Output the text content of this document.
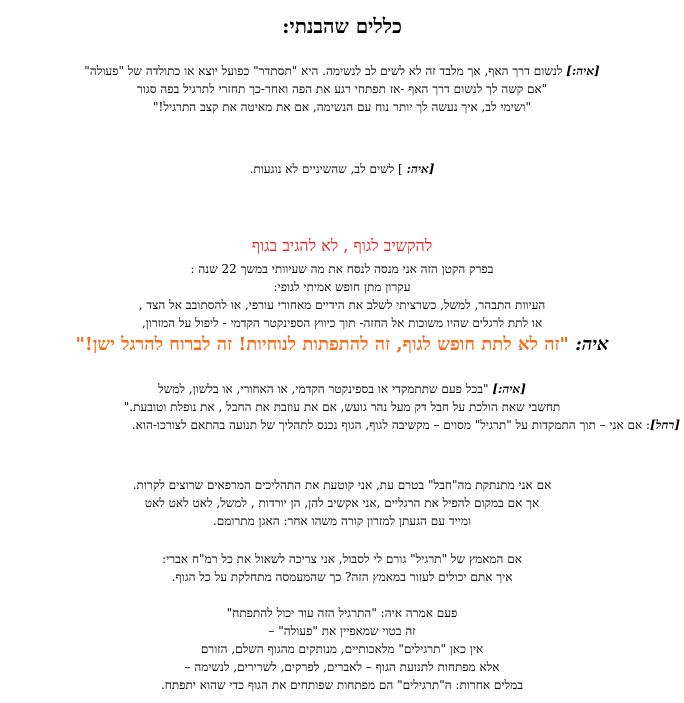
כללים שהבנתי:
[איה:] לנשום דרך האף, אך מלבד זה לא לשים לב לנשימה. היא "תסתדר" כפועל יוצא או כתולדה של "פעולה"
"אם קשה לך לנשום דרך האף -אז תפתחי רגע את הפה ואחר-כך תחזרי לתרגיל בפה סגור
"ושימי לב, איך נעשה לך יותר נוח עם הנשימה, אם את מאיטה את קצב התרגיל!"
[איה: ] לשים לב, שהשיניים לא נוגעות.
להקשיב לגוף , לא להגיב בגוף
בפרק הקטן הזה אני מנסה לנסח את מה שעיוותי במשך 22 שנה :
עקרון מתן חופש אמיתי לגופי:
העיוות התבהר, למשל, כשרציתי לשלב את הידיים מאחורי עורפי, או להסתובב אל הצד ,
או לתת לרגלים שהיו משוכות אל החזה- תוך כיווץ הספינקטר הקדמי - ליפול על המזרון,
איה: "זה לא לתת חופש לגוף, זה להתפתות לנוחיות! זה לברוח להרגל ישן!"
[איה:] "בכל פעם שתתמקדי או בספינקטר הקדמי, או האחורי, או בלשון, למשל
תחשבי שאת הולכת על חבל דק מעל נהר גועש, אם את עוזבת את החבל , את נופלת וטובעת."
[רחל]: אם אני – תוך התמקדות על "תרגיל" מסוים – מקשיבה לגוף, הגוף נכנס לתהליך של תנועה בהתאם לצורכו-הוא.
אם אני מתנתקת מה"חבל" בטרם עת, אני קוטעת את התהליכים המרפאים שרוצים לקרות.
אך אם במקום להפיל את הרגליים ,אני אקשיב להן, הן יורדות , למשל, לאט לאט לאט
ומייד עם הגעתן למזרון קורה משהו אחר: האגן מתרומם.
אם המאמץ של "תרגיל" גורם לי לסבול, אני צריכה לשאול את כל רמ"ח אברי:
איך אתם יכולים לעזור במאמץ הזה? כך שהמעמסה מתחלקת על כל הגוף.
פעם אמרה איה: "התרגיל הזה עוד יכול להתפתח"
זה בטוי שמאפיין את "פעולה" –
אין כאן "תרגילים" מלאכותיים, מנותקים מהגוף השלם, הזורם
אלא מפתחות לתנועת הגוף – לאברים, לפרקים, לשרירים, לנשימה –
במלים אחרות: ה"תרגילים" הם מפתחות שפותחים את הגוף כדי שהוא יתפתח.
